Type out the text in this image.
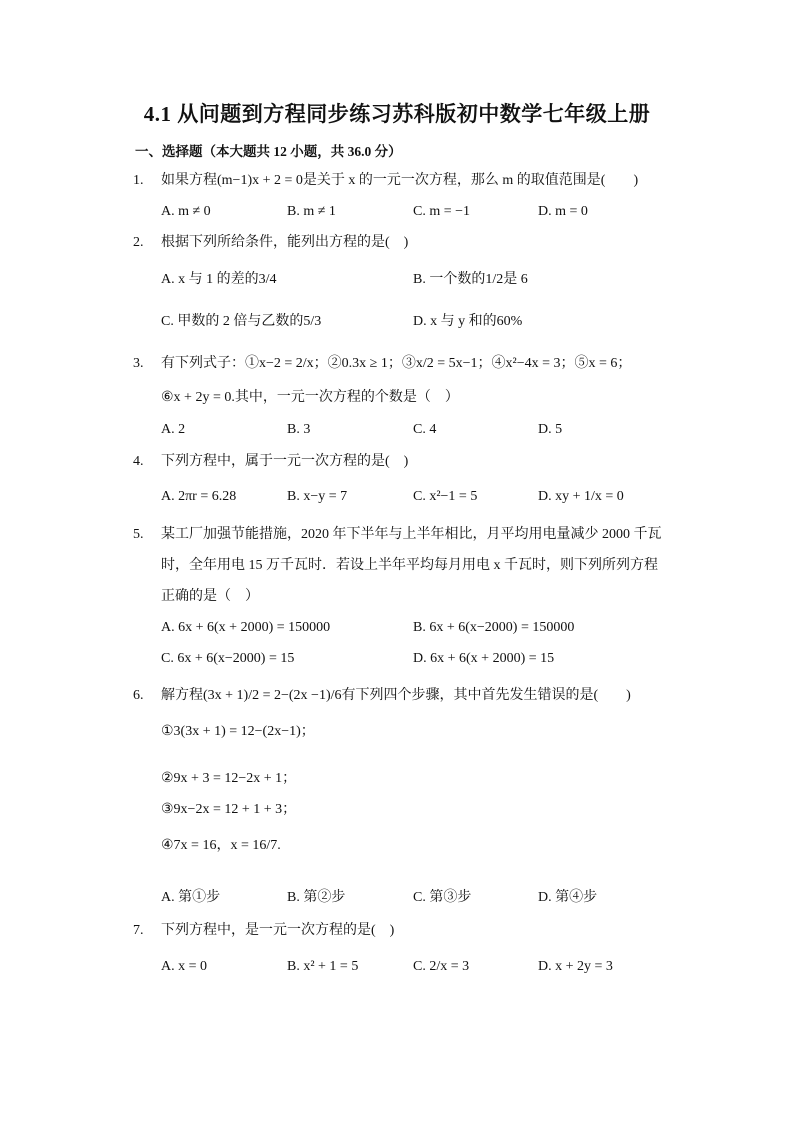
4.1 从问题到方程同步练习苏科版初中数学七年级上册
一、选择题（本大题共 12 小题，共 36.0 分）
1. 如果方程(m−1)x + 2 = 0是关于 x 的一元一次方程，那么 m 的取值范围是(　　)
A. m ≠ 0	B. m ≠ 1	C. m = −1	D. m = 0
2. 根据下列所给条件，能列出方程的是(　)
A. x 与 1 的差的3/4	B. 一个数的1/2是 6
C. 甲数的 2 倍与乙数的5/3	D. x 与 y 和的60%
3. 有下列式子：①x−2 = 2/x；②0.3x ≥ 1；③x/2 = 5x−1；④x²−4x = 3；⑤x = 6；
⑥x + 2y = 0.其中，一元一次方程的个数是（　）
A. 2	B. 3	C. 4	D. 5
4. 下列方程中，属于一元一次方程的是(　)
A. 2πr = 6.28	B. x−y = 7	C. x²−1 = 5	D. xy + 1/x = 0
5. 某工厂加强节能措施，2020 年下半年与上半年相比，月平均用电量减少 2000 千瓦
时，全年用电 15 万千瓦时．若设上半年平均每月用电 x 千瓦时，则下列所列方程
正确的是（　）
A. 6x + 6(x + 2000) = 150000	B. 6x + 6(x−2000) = 150000
C. 6x + 6(x−2000) = 15	D. 6x + 6(x + 2000) = 15
6. 解方程(3x + 1)/2 = 2−(2x −1)/6有下列四个步骤，其中首先发生错误的是(　　)
①3(3x + 1) = 12−(2x−1)；
②9x + 3 = 12−2x + 1；
③9x−2x = 12 + 1 + 3；
④7x = 16，x = 16/7.
A. 第①步	B. 第②步	C. 第③步	D. 第④步
7. 下列方程中，是一元一次方程的是(　)
A. x = 0	B. x² + 1 = 5	C. 2/x = 3	D. x + 2y = 3
